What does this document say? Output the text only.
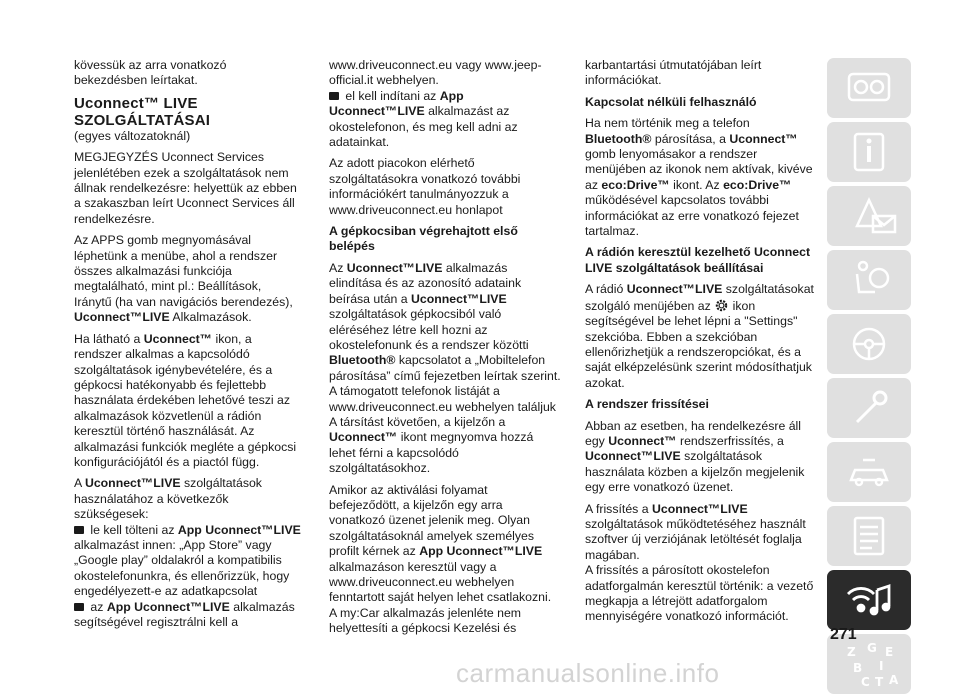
kövessük az arra vonatkozó bekezdésben leírtakat.

Uconnect™ LIVE
SZOLGÁLTATÁSAI

(egyes változatoknál)

MEGJEGYZÉS Uconnect Services jelenlétében ezek a szolgáltatások nem állnak rendelkezésre: helyettük az ebben a szakaszban leírt Uconnect Services áll rendelkezésre.

Az APPS gomb megnyomásával léphetünk a menübe, ahol a rendszer összes alkalmazási funkciója megtalálható, mint pl.: Beállítások, Iránytű (ha van navigációs berendezés),
Uconnect™LIVE Alkalmazások.

Ha látható a Uconnect™ ikon, a rendszer alkalmas a kapcsolódó szolgáltatások igénybevételére, és a gépkocsi hatékonyabb és fejlettebb használata érdekében lehetővé teszi az alkalmazások közvetlenül a rádión keresztül történő használását. Az alkalmazási funkciók megléte a gépkocsi konfigurációjától és a piactól függ.

A Uconnect™LIVE szolgáltatások használatához a következők szükségesek:

le kell tölteni az App Uconnect™LIVE alkalmazást innen: „App Store” vagy „Google play” oldalakról a kompatibilis okostelefonunkra, és ellenőrizzük, hogy engedélyezett-e az adatkapcsolat

az App Uconnect™LIVE alkalmazás segítségével regisztrálni kell a

www.driveuconnect.eu vagy www.jeep-official.it webhelyen.

el kell indítani az App Uconnect™LIVE alkalmazást az okostelefonon, és meg kell adni az adatainkat.

Az adott piacokon elérhető szolgáltatásokra vonatkozó további információkért tanulmányozzuk a www.driveuconnect.eu honlapot

A gépkocsiban végrehajtott első belépés

Az Uconnect™LIVE alkalmazás elindítása és az azonosító adataink beírása után a Uconnect™LIVE szolgáltatások gépkocsiból való eléréséhez létre kell hozni az okostelefonunk és a rendszer közötti Bluetooth® kapcsolatot a „Mobiltelefon párosítása” című fejezetben leírtak szerint.

A támogatott telefonok listáját a www.driveuconnect.eu webhelyen találjuk

A társítást követően, a kijelzőn a Uconnect™ ikont megnyomva hozzá lehet férni a kapcsolódó szolgáltatásokhoz.

Amikor az aktiválási folyamat befejeződött, a kijelzőn egy arra vonatkozó üzenet jelenik meg. Olyan szolgáltatásoknál amelyek személyes profilt kérnek az App Uconnect™LIVE alkalmazáson keresztül vagy a www.driveuconnect.eu webhelyen fenntartott saját helyen lehet csatlakozni. A my:Car alkalmazás jelenléte nem helyettesíti a gépkocsi Kezelési és

karbantartási útmutatójában leírt információkat.

Kapcsolat nélküli felhasználó

Ha nem történik meg a telefon Bluetooth® párosítása, a Uconnect™ gomb lenyomásakor a rendszer menüjében az ikonok nem aktívak, kivéve az eco:Drive™ ikont. Az eco:Drive™ működésével kapcsolatos további információkat az erre vonatkozó fejezet tartalmaz.

A rádión keresztül kezelhető Uconnect LIVE szolgáltatások beállításai

A rádió Uconnect™LIVE szolgáltatásokat szolgáló menüjében az  ikon segítségével be lehet lépni a "Settings" szekcióba. Ebben a szekcióban ellenőrizhetjük a rendszeropciókat, és a saját elképzelésünk szerint módosíthatjuk azokat.

A rendszer frissítései

Abban az esetben, ha rendelkezésre áll egy Uconnect™ rendszerfrissítés, a Uconnect™LIVE szolgáltatások használata közben a kijelzőn megjelenik egy erre vonatkozó üzenet.

A frissítés a Uconnect™LIVE szolgáltatások működtetéséhez használt szoftver új verziójának letöltését foglalja magában.

A frissítés a párosított okostelefon adatforgalmán keresztül történik: a vezető megkapja a létrejött adatforgalom mennyiségére vonatkozó információt.

Z G E
B I
C T A
271
carmanualsonline.info
